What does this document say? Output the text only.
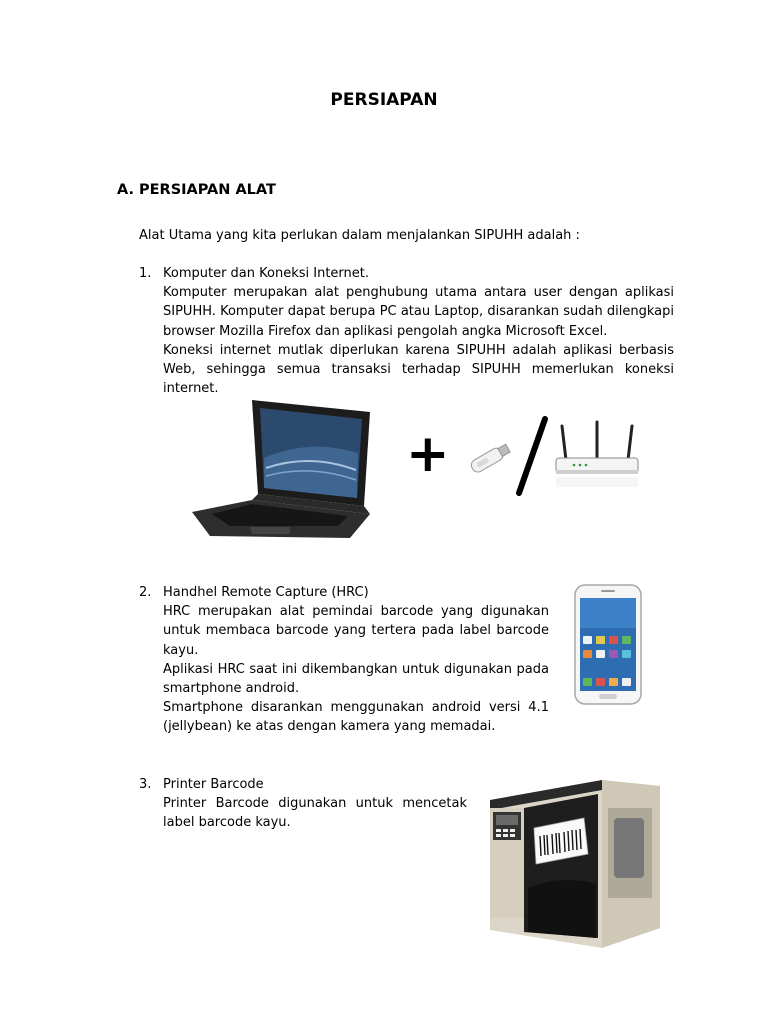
PERSIAPAN
A. PERSIAPAN ALAT
Alat Utama yang kita perlukan dalam menjalankan SIPUHH adalah :
1. Komputer dan Koneksi Internet.

Komputer merupakan alat penghubung utama antara user dengan aplikasi SIPUHH. Komputer dapat berupa PC atau Laptop, disarankan sudah dilengkapi browser Mozilla Firefox dan aplikasi pengolah angka Microsoft Excel.

Koneksi internet mutlak diperlukan karena SIPUHH adalah aplikasi berbasis Web, sehingga semua transaksi terhadap SIPUHH memerlukan koneksi internet.

+
2. Handhel Remote Capture (HRC)

HRC merupakan alat pemindai barcode yang digunakan untuk membaca barcode yang tertera pada label barcode kayu.

Aplikasi HRC saat ini dikembangkan untuk digunakan pada smartphone android.

Smartphone disarankan menggunakan android versi 4.1 (jellybean) ke atas dengan kamera yang memadai.

3. Printer Barcode

Printer Barcode digunakan untuk mencetak label barcode kayu.
